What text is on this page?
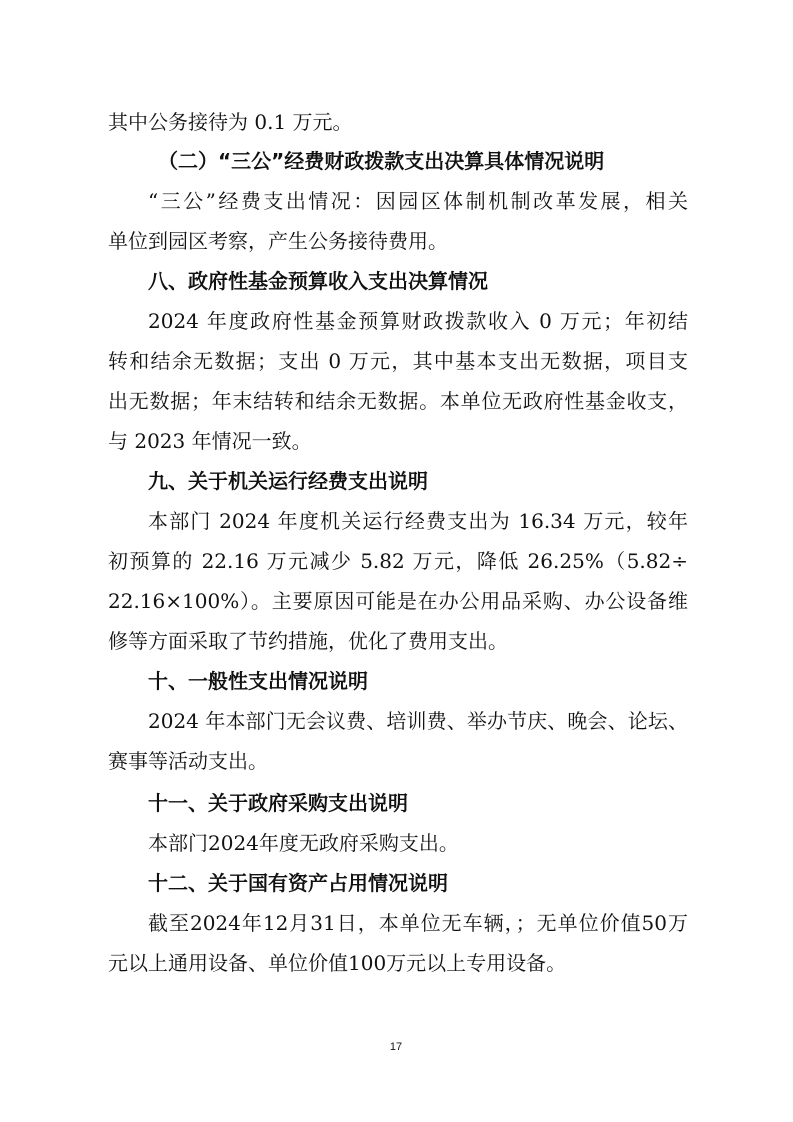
其中公务接待为 0.1 万元。
（二）“三公”经费财政拨款支出决算具体情况说明
“三公”经费支出情况：因园区体制机制改革发展，相关
单位到园区考察，产生公务接待费用。
八、政府性基金预算收入支出决算情况
2024 年度政府性基金预算财政拨款收入 0 万元；年初结
转和结余无数据；支出 0 万元，其中基本支出无数据，项目支
出无数据；年末结转和结余无数据。本单位无政府性基金收支，
与 2023 年情况一致。
九、关于机关运行经费支出说明
本部门 2024 年度机关运行经费支出为 16.34 万元，较年
初预算的 22.16 万元减少 5.82 万元，降低 26.25%（5.82÷
22.16×100%）。主要原因可能是在办公用品采购、办公设备维
修等方面采取了节约措施，优化了费用支出。
十、一般性支出情况说明
2024 年本部门无会议费、培训费、举办节庆、晚会、论坛、
赛事等活动支出。
十一、关于政府采购支出说明
本部门2024年度无政府采购支出。
十二、关于国有资产占用情况说明
截至2024年12月31日，本单位无车辆，；无单位价值50万
元以上通用设备、单位价值100万元以上专用设备。
17
